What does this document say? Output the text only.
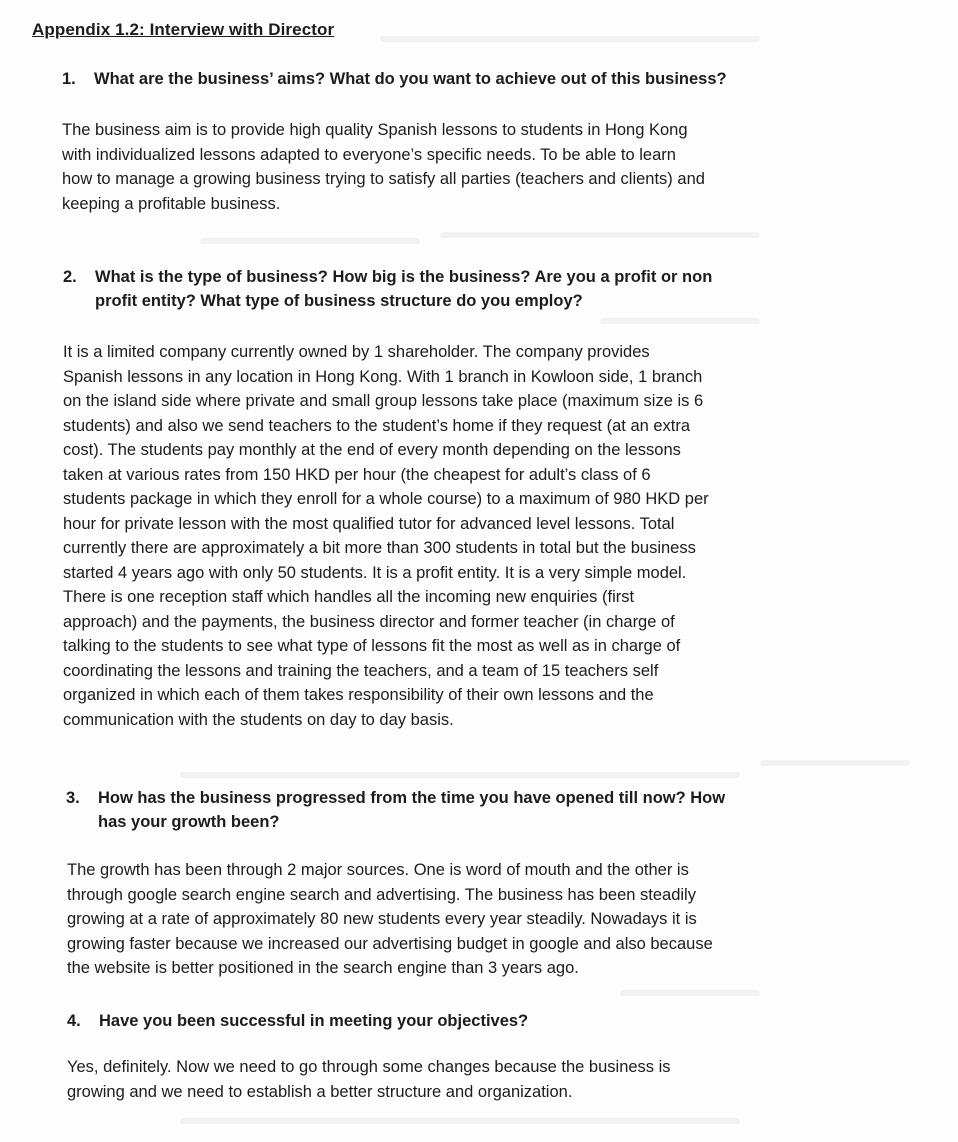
Appendix 1.2: Interview with Director
1. What are the business’ aims? What do you want to achieve out of this business?
The business aim is to provide high quality Spanish lessons to students in Hong Kong
with individualized lessons adapted to everyone’s specific needs. To be able to learn
how to manage a growing business trying to satisfy all parties (teachers and clients) and
keeping a profitable business.
2. What is the type of business? How big is the business? Are you a profit or non
profit entity? What type of business structure do you employ?
It is a limited company currently owned by 1 shareholder. The company provides
Spanish lessons in any location in Hong Kong. With 1 branch in Kowloon side, 1 branch
on the island side where private and small group lessons take place (maximum size is 6
students) and also we send teachers to the student’s home if they request (at an extra
cost). The students pay monthly at the end of every month depending on the lessons
taken at various rates from 150 HKD per hour (the cheapest for adult’s class of 6
students package in which they enroll for a whole course) to a maximum of 980 HKD per
hour for private lesson with the most qualified tutor for advanced level lessons. Total
currently there are approximately a bit more than 300 students in total but the business
started 4 years ago with only 50 students. It is a profit entity. It is a very simple model.
There is one reception staff which handles all the incoming new enquiries (first
approach) and the payments, the business director and former teacher (in charge of
talking to the students to see what type of lessons fit the most as well as in charge of
coordinating the lessons and training the teachers, and a team of 15 teachers self
organized in which each of them takes responsibility of their own lessons and the
communication with the students on day to day basis.
3. How has the business progressed from the time you have opened till now? How
has your growth been?
The growth has been through 2 major sources. One is word of mouth and the other is
through google search engine search and advertising. The business has been steadily
growing at a rate of approximately 80 new students every year steadily. Nowadays it is
growing faster because we increased our advertising budget in google and also because
the website is better positioned in the search engine than 3 years ago.
4. Have you been successful in meeting your objectives?
Yes, definitely. Now we need to go through some changes because the business is
growing and we need to establish a better structure and organization.
